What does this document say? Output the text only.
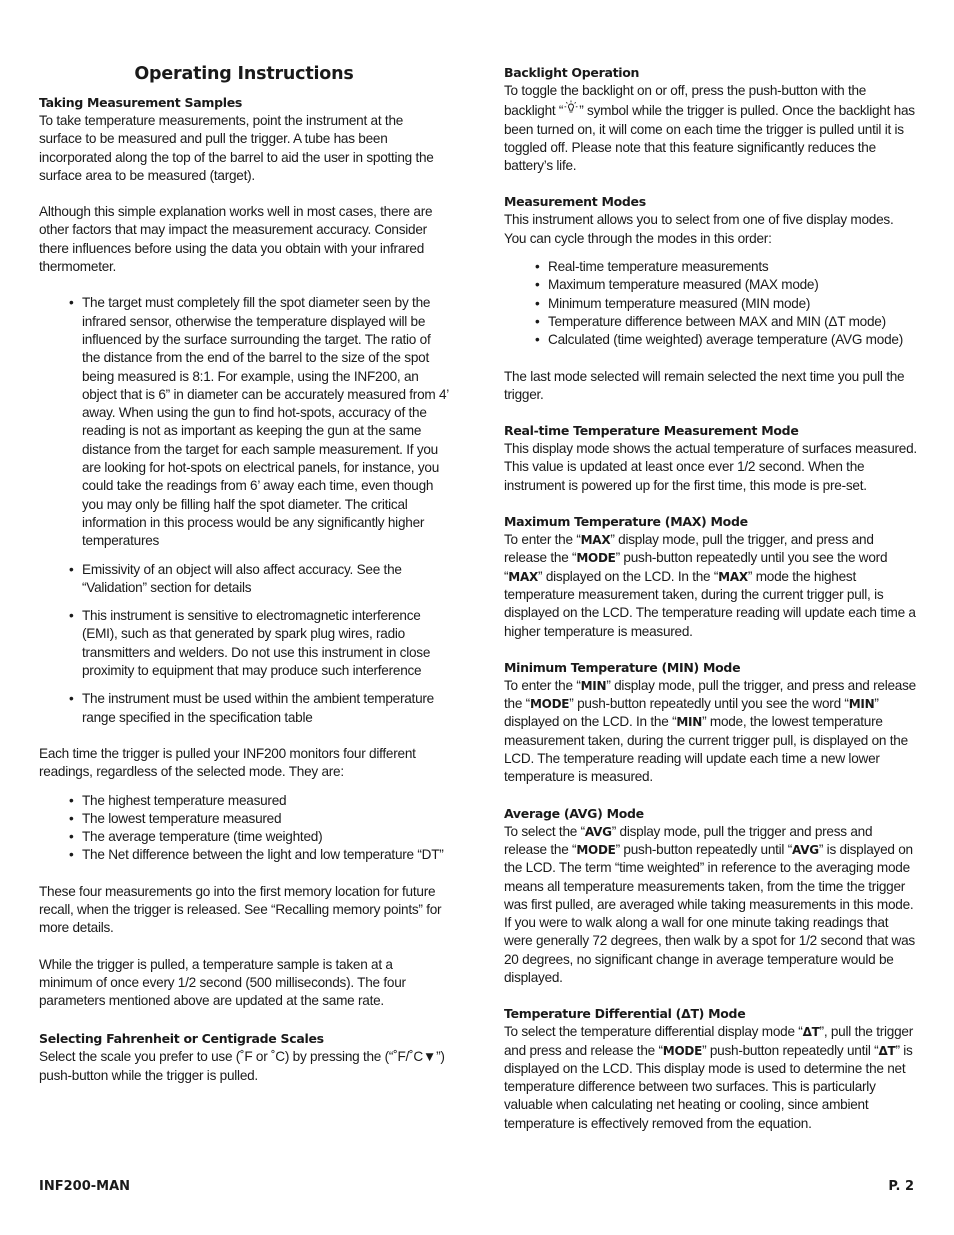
Operating Instructions
Taking Measurement Samples

To take temperature measurements, point the instrument at the surface to be measured and pull the trigger. A tube has been incorporated along the top of the barrel to aid the user in spotting the surface area to be measured (target).

Although this simple explanation works well in most cases, there are other factors that may impact the measurement accuracy. Consider there influences before using the data you obtain with your infrared thermometer.

• The target must completely fill the spot diameter seen by the infrared sensor, otherwise the temperature displayed will be influenced by the surface surrounding the target. The ratio of the distance from the end of the barrel to the size of the spot being measured is 8:1. For example, using the INF200, an object that is 6” in diameter can be accurately measured from 4’ away. When using the gun to find hot-spots, accuracy of the reading is not as important as keeping the gun at the same distance from the target for each sample measurement. If you are looking for hot-spots on electrical panels, for instance, you could take the readings from 6’ away each time, even though you may only be filling half the spot diameter. The critical information in this process would be any significantly higher temperatures
• Emissivity of an object will also affect accuracy. See the “Validation” section for details
• This instrument is sensitive to electromagnetic interference (EMI), such as that generated by spark plug wires, radio transmitters and welders. Do not use this instrument in close proximity to equipment that may produce such interference
• The instrument must be used within the ambient temperature range specified in the specification table

Each time the trigger is pulled your INF200 monitors four different readings, regardless of the selected mode. They are:

• The highest temperature measured
• The lowest temperature measured
• The average temperature (time weighted)
• The Net difference between the light and low temperature “DT”

These four measurements go into the first memory location for future recall, when the trigger is released. See “Recalling memory points” for more details.

While the trigger is pulled, a temperature sample is taken at a minimum of once every 1/2 second (500 milliseconds). The four parameters mentioned above are updated at the same rate.

Selecting Fahrenheit or Centigrade Scales

Select the scale you prefer to use (˚F or ˚C) by pressing the (“˚F/˚C▼”) push-button while the trigger is pulled.

Backlight Operation

To toggle the backlight on or off, press the push-button with the backlight “ ” symbol while the trigger is pulled. Once the backlight has been turned on, it will come on each time the trigger is pulled until it is toggled off. Please note that this feature significantly reduces the battery’s life.

Measurement Modes

This instrument allows you to select from one of five display modes. You can cycle through the modes in this order:

• Real-time temperature measurements
• Maximum temperature measured (MAX mode)
• Minimum temperature measured (MIN mode)
• Temperature difference between MAX and MIN (ΔT mode)
• Calculated (time weighted) average temperature (AVG mode)

The last mode selected will remain selected the next time you pull the trigger.

Real-time Temperature Measurement Mode

This display mode shows the actual temperature of surfaces measured. This value is updated at least once ever 1/2 second. When the instrument is powered up for the first time, this mode is pre-set.

Maximum Temperature (MAX) Mode

To enter the “MAX” display mode, pull the trigger, and press and release the “MODE” push-button repeatedly until you see the word “MAX” displayed on the LCD. In the “MAX” mode the highest temperature measurement taken, during the current trigger pull, is displayed on the LCD. The temperature reading will update each time a higher temperature is measured.

Minimum Temperature (MIN) Mode

To enter the “MIN” display mode, pull the trigger, and press and release the “MODE” push-button repeatedly until you see the word “MIN” displayed on the LCD. In the “MIN” mode, the lowest temperature measurement taken, during the current trigger pull, is displayed on the LCD. The temperature reading will update each time a new lower temperature is measured.

Average (AVG) Mode

To select the “AVG” display mode, pull the trigger and press and release the “MODE” push-button repeatedly until “AVG” is displayed on the LCD. The term “time weighted” in reference to the averaging mode means all temperature measurements taken, from the time the trigger was first pulled, are averaged while taking measurements in this mode. If you were to walk along a wall for one minute taking readings that were generally 72 degrees, then walk by a spot for 1/2 second that was 20 degrees, no significant change in average temperature would be displayed.

Temperature Differential (ΔT) Mode

To select the temperature differential display mode “ΔT”, pull the trigger and press and release the “MODE” push-button repeatedly until “ΔT” is displayed on the LCD. This display mode is used to determine the net temperature difference between two surfaces. This is particularly valuable when calculating net heating or cooling, since ambient temperature is effectively removed from the equation.

INF200-MAN	P. 2
